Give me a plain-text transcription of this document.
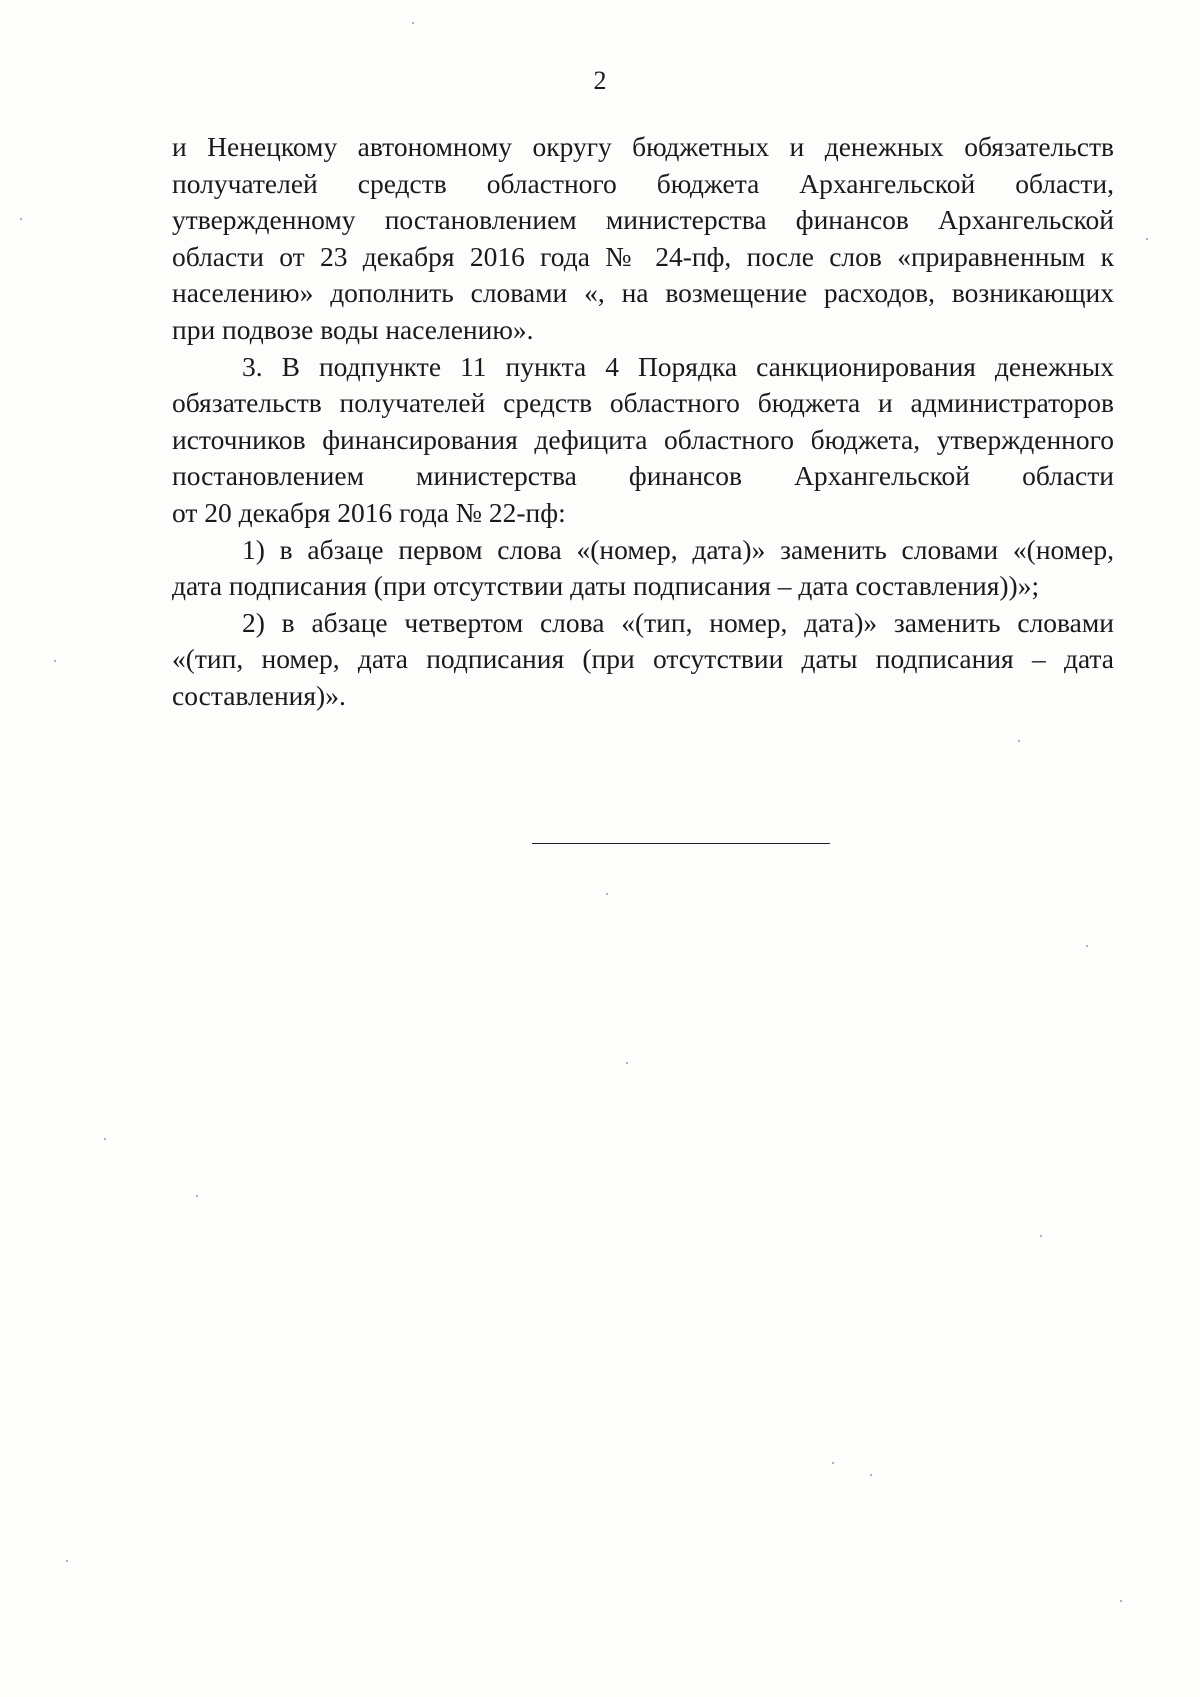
2

и Ненецкому автономному округу бюджетных и денежных обязательств
получателей средств областного бюджета Архангельской области,
утвержденному постановлением министерства финансов Архангельской
области от 23 декабря 2016 года № 24-пф, после слов «приравненным к
населению» дополнить словами «, на возмещение расходов, возникающих
при подвозе воды населению».

3. В подпункте 11 пункта 4 Порядка санкционирования денежных
обязательств получателей средств областного бюджета и администраторов
источников финансирования дефицита областного бюджета, утвержденного
постановлением министерства финансов Архангельской области
от 20 декабря 2016 года № 22-пф:

1) в абзаце первом слова «(номер, дата)» заменить словами «(номер,
дата подписания (при отсутствии даты подписания – дата составления))»;

2) в абзаце четвертом слова «(тип, номер, дата)» заменить словами
«(тип, номер, дата подписания (при отсутствии даты подписания – дата
составления)».
